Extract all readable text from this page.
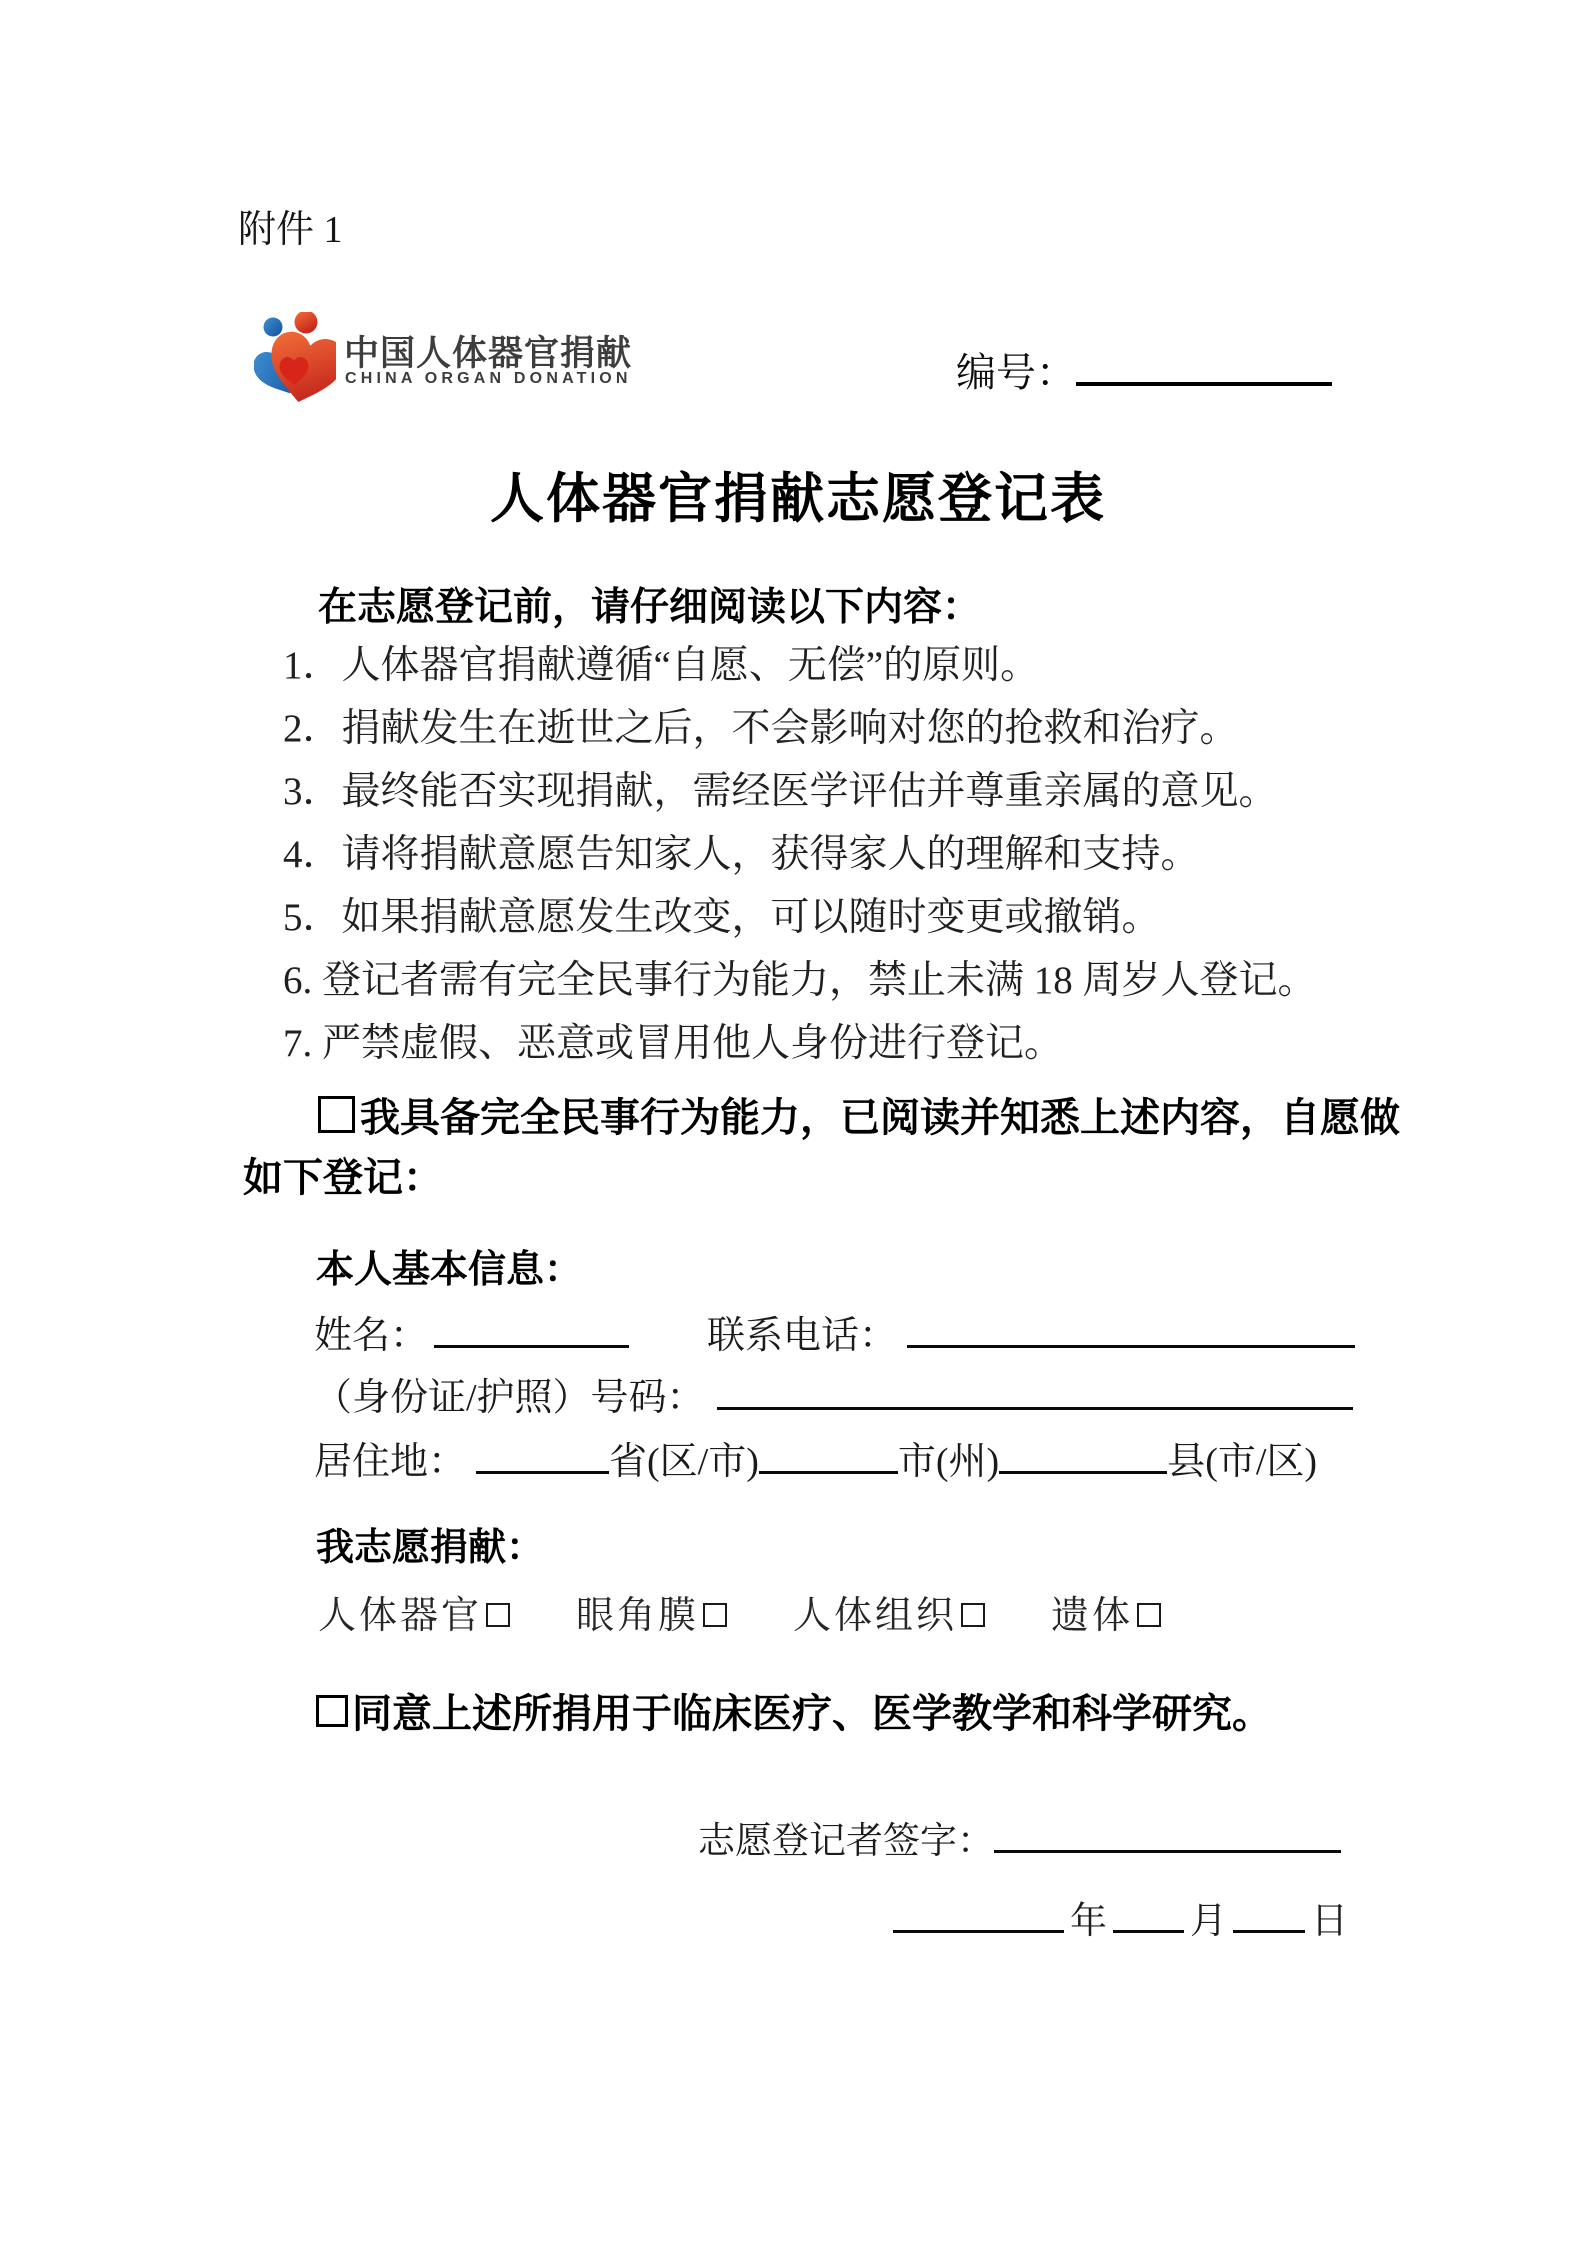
附件 1
中国人体器官捐献
CHINA ORGAN DONATION	编号：
人体器官捐献志愿登记表
在志愿登记前，请仔细阅读以下内容：
1．人体器官捐献遵循“自愿、无偿”的原则。
2．捐献发生在逝世之后，不会影响对您的抢救和治疗。
3．最终能否实现捐献，需经医学评估并尊重亲属的意见。
4．请将捐献意愿告知家人，获得家人的理解和支持。
5．如果捐献意愿发生改变，可以随时变更或撤销。
6. 登记者需有完全民事行为能力，禁止未满 18 周岁人登记。
7. 严禁虚假、恶意或冒用他人身份进行登记。
我具备完全民事行为能力，已阅读并知悉上述内容，自愿做
如下登记：
本人基本信息：
姓名：	联系电话：
（身份证/护照）号码：
居住地：	省(区/市)	市(州)	县(市/区)
我志愿捐献：
人体器官 眼角膜 人体组织 遗体
同意上述所捐用于临床医疗、医学教学和科学研究。
志愿登记者签字：
年 月 日
